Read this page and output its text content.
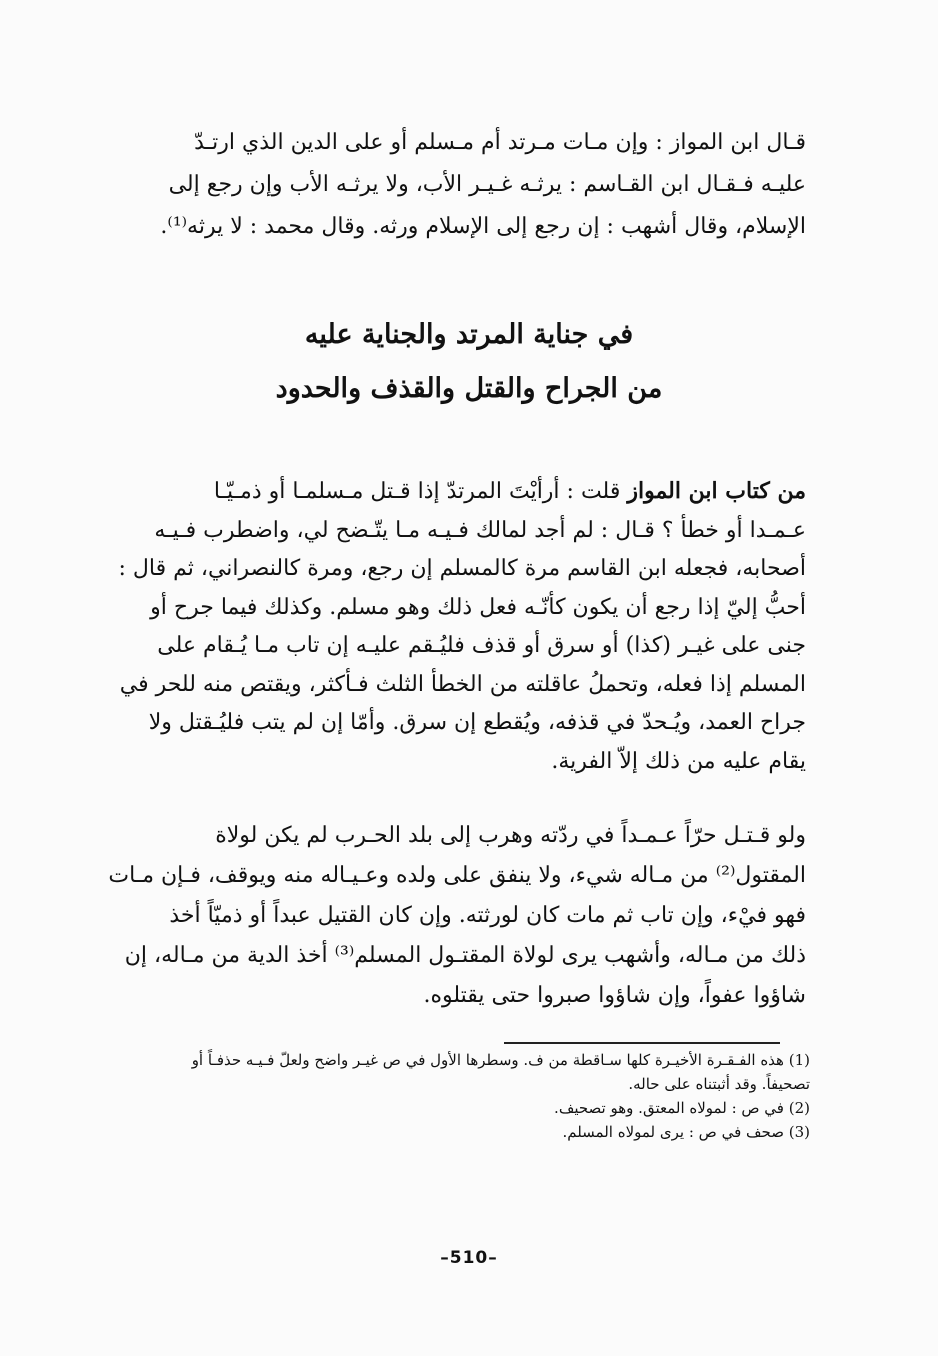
قـال ابن المواز : وإن مـات مـرتد أم مـسلم أو على الدين الذي ارتـدّ
عليـه فـقـال ابن القـاسم : يرثـه غـيـر الأب، ولا يرثـه الأب وإن رجع إلى
الإسلام، وقال أشهب : إن رجع إلى الإسلام ورثه. وقال محمد : لا يرثه⁽¹⁾.
في جناية المرتد والجناية عليه
من الجراح والقتل والقذف والحدود
من كتاب ابن المواز قلت : أرأيْتَ المرتدّ إذا قـتل مـسلمـا أو ذمـيّـا
عـمـدا أو خطأ ؟ قـال : لم أجد لمالك فـيـه مـا يتّـضح لي، واضطرب فـيـه
أصحابه، فجعله ابن القاسم مرة كالمسلم إن رجع، ومرة كالنصراني، ثم قال :
أحبُّ إليّ إذا رجع أن يكون كأنّـه فعل ذلك وهو مسلم. وكذلك فيما جرح أو
جنى على غيـر (كذا) أو سرق أو قذف فليُـقم عليـه إن تاب مـا يُـقام على
المسلم إذا فعله، وتحملُ عاقلته من الخطأ الثلث فـأكثر، ويقتص منه للحر في
جراح العمد، ويُـحدّ في قذفه، ويُقطع إن سرق. وأمّا إن لم يتب فليُـقتل ولا
يقام عليه من ذلك إلاّ الفرية.
ولو قـتـل حرّاً عـمـداً في ردّته وهرب إلى بلد الحـرب لم يكن لولاة
المقتول⁽²⁾ من مـاله شيء، ولا ينفق على ولده وعـيـاله منه ويوقف، فـإن مـات
فهو فيْء، وإن تاب ثم مات كان لورثته. وإن كان القتيل عبداً أو ذميّاً أخذ
ذلك من مـاله، وأشهب يرى لولاة المقتـول المسلم⁽³⁾ أخذ الدية من مـاله، إن
شاؤوا عفواً، وإن شاؤوا صبروا حتى يقتلوه.
(1) هذه الفـقـرة الأخيـرة كلها سـاقطة من ف. وسطرها الأول في ص غيـر واضح ولعلّ فـيـه حذفـاً أو
تصحيفاً. وقد أثبتناه على حاله.
(2) في ص : لمولاه المعتق. وهو تصحيف.
(3) صحف في ص : يرى لمولاه المسلم.
–510–
